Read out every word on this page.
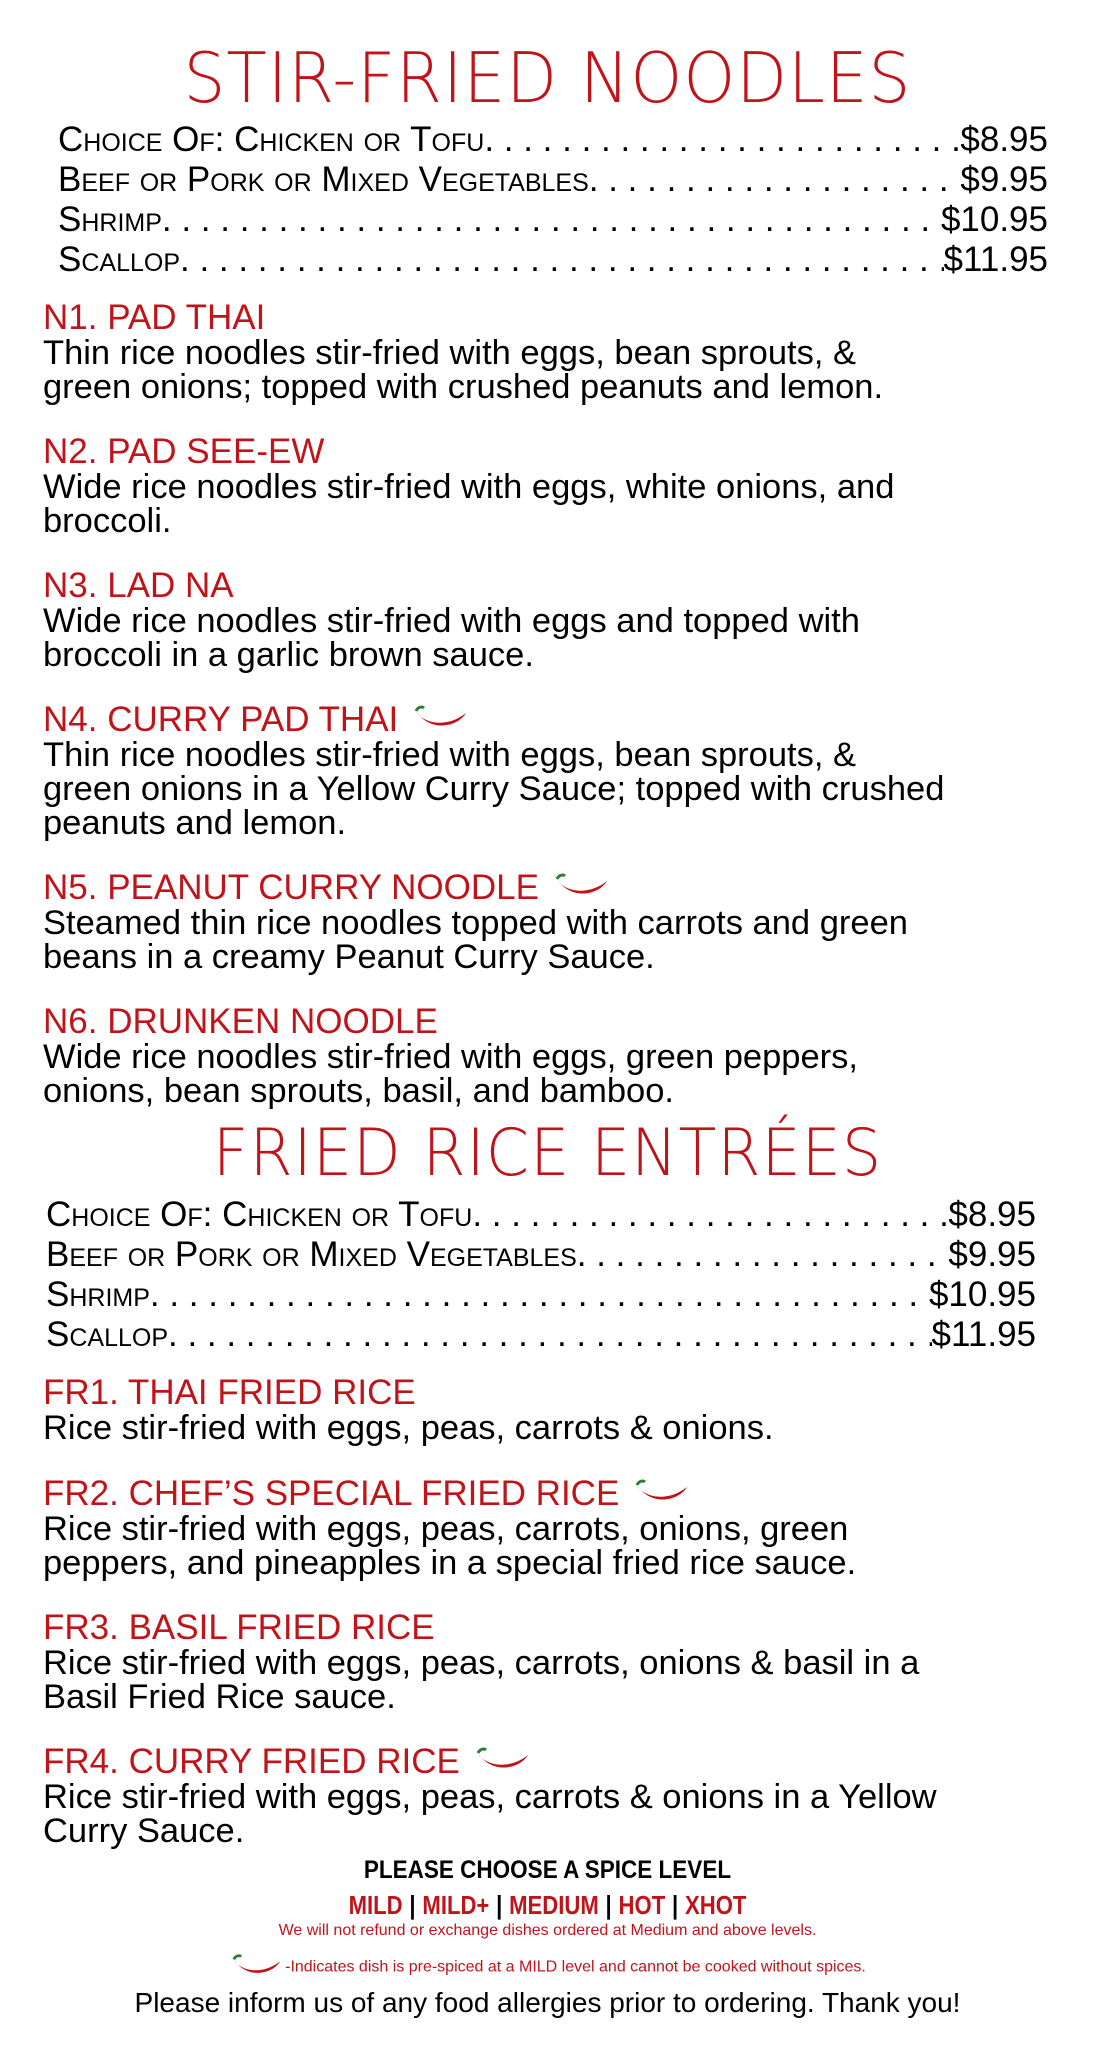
STIR-FRIED NOODLES
Choice Of: Chicken or Tofu . . .	$8.95
Beef or Pork or Mixed Vegetables . . .	$9.95
Shrimp . . .	$10.95
Scallop . . .	$11.95

N1. PAD THAI

Thin rice noodles stir-fried with eggs, bean sprouts, &
green onions; topped with crushed peanuts and lemon.

N2. PAD SEE-EW

Wide rice noodles stir-fried with eggs, white onions, and
broccoli.

N3. LAD NA

Wide rice noodles stir-fried with eggs and topped with
broccoli in a garlic brown sauce.

N4. CURRY PAD THAI

Thin rice noodles stir-fried with eggs, bean sprouts, &
green onions in a Yellow Curry Sauce; topped with crushed
peanuts and lemon.

N5. PEANUT CURRY NOODLE

Steamed thin rice noodles topped with carrots and green
beans in a creamy Peanut Curry Sauce.

N6. DRUNKEN NOODLE

Wide rice noodles stir-fried with eggs, green peppers,
onions, bean sprouts, basil, and bamboo.

FRIED RICE ENTRÉES
Choice Of: Chicken or Tofu . . .	$8.95
Beef or Pork or Mixed Vegetables . . .	$9.95
Shrimp . . .	$10.95
Scallop . . .	$11.95

FR1. THAI FRIED RICE

Rice stir-fried with eggs, peas, carrots & onions.

FR2. CHEF’S SPECIAL FRIED RICE

Rice stir-fried with eggs, peas, carrots, onions, green
peppers, and pineapples in a special fried rice sauce.

FR3. BASIL FRIED RICE

Rice stir-fried with eggs, peas, carrots, onions & basil in a
Basil Fried Rice sauce.

FR4. CURRY FRIED RICE

Rice stir-fried with eggs, peas, carrots & onions in a Yellow
Curry Sauce.

PLEASE CHOOSE A SPICE LEVEL
MILD | MILD+ | MEDIUM | HOT | XHOT
We will not refund or exchange dishes ordered at Medium and above levels.
-Indicates dish is pre-spiced at a MILD level and cannot be cooked without spices.
Please inform us of any food allergies prior to ordering. Thank you!
